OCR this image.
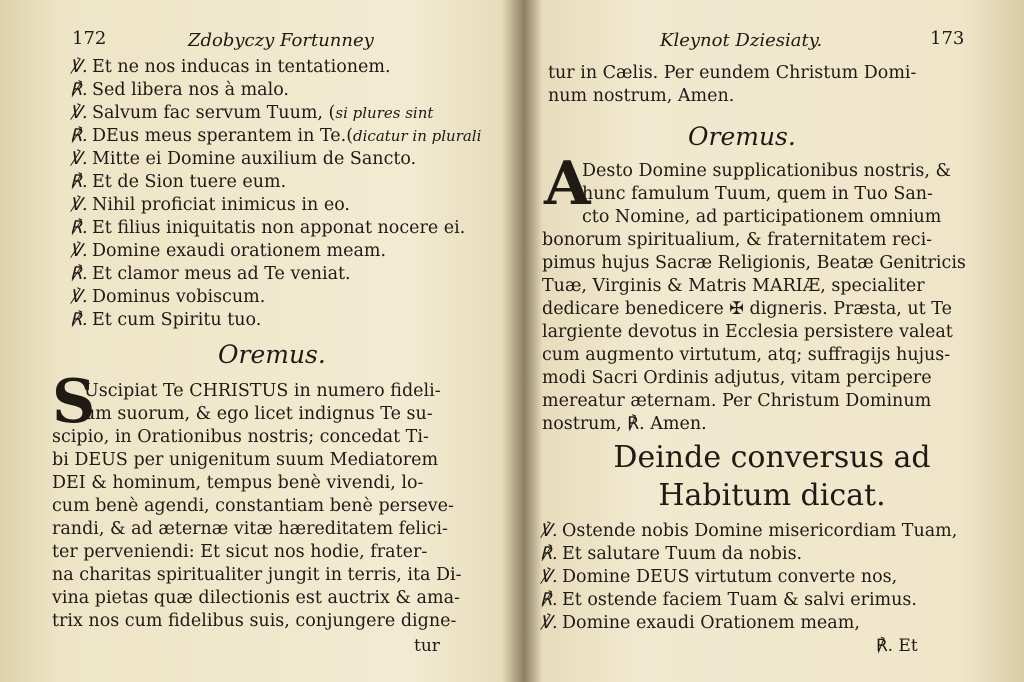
172	Zdobyczy Fortunney
℣. Et ne nos inducas in tentationem.
℟. Sed libera nos à malo.
℣. Salvum fac servum Tuum, (si plures sint
℟. DEus meus sperantem in Te.(dicatur in plurali
℣. Mitte ei Domine auxilium de Sancto.
℟. Et de Sion tuere eum.
℣. Nihil proficiat inimicus in eo.
℟. Et filius iniquitatis non apponat nocere ei.
℣. Domine exaudi orationem meam.
℟. Et clamor meus ad Te veniat.
℣. Dominus vobiscum.
℟. Et cum Spiritu tuo.
Oremus.
S
Uscipiat Te CHRISTUS in numero fideli-
um suorum, & ego licet indignus Te su-
scipio, in Orationibus nostris; concedat Ti-
bi DEUS per unigenitum suum Mediatorem
DEI & hominum, tempus benè vivendi, lo-
cum benè agendi, constantiam benè perseve-
randi, & ad æternæ vitæ hæreditatem felici-
ter perveniendi: Et sicut nos hodie, frater-
na charitas spiritualiter jungit in terris, ita Di-
vina pietas quæ dilectionis est auctrix & ama-
trix nos cum fidelibus suis, conjungere digne-
tur
Kleynot Dziesiaty.	173
tur in Cælis. Per eundem Christum Domi-
num nostrum, Amen.
Oremus.
A
Desto Domine supplicationibus nostris, &
hunc famulum Tuum, quem in Tuo San-
cto Nomine, ad participationem omnium
bonorum spiritualium, & fraternitatem reci-
pimus hujus Sacræ Religionis, Beatæ Genitricis
Tuæ, Virginis & Matris MARIÆ, specialiter
dedicare benedicere ✠ digneris. Præsta, ut Te
largiente devotus in Ecclesia persistere valeat
cum augmento virtutum, atq; suffragijs hujus-
modi Sacri Ordinis adjutus, vitam percipere
mereatur æternam. Per Christum Dominum
nostrum, ℟. Amen.
Deinde conversus ad
Habitum dicat.
℣. Ostende nobis Domine misericordiam Tuam,
℟. Et salutare Tuum da nobis.
℣. Domine DEUS virtutum converte nos,
℟. Et ostende faciem Tuam & salvi erimus.
℣. Domine exaudi Orationem meam,
℟. Et
